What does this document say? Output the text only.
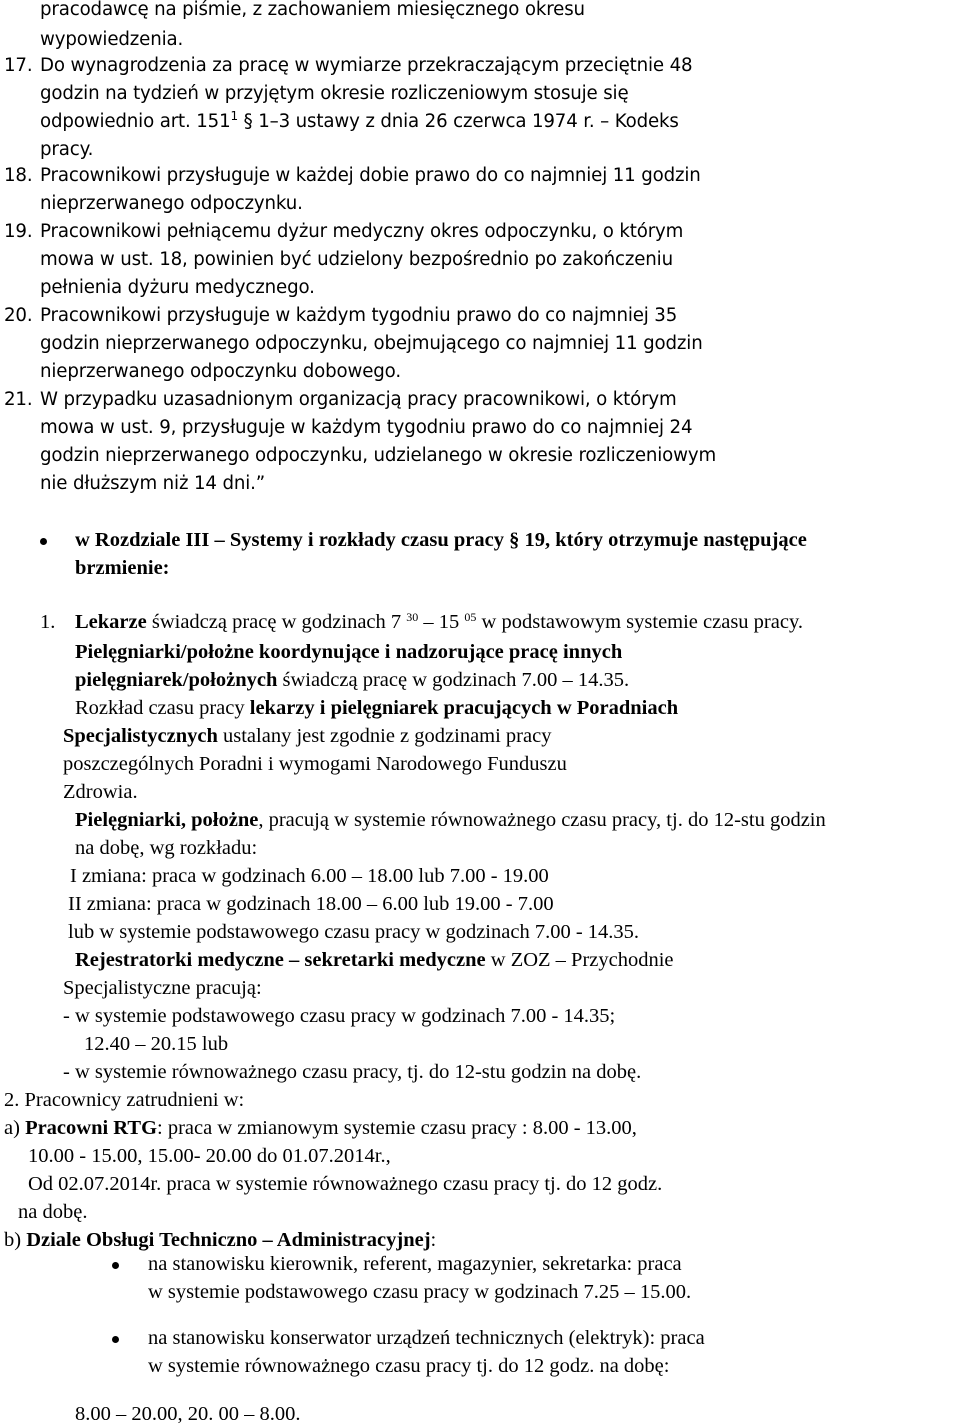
pracodawcę na piśmie, z zachowaniem miesięcznego okresu
wypowiedzenia.
17. Do wynagrodzenia za pracę w wymiarze przekraczającym przeciętnie 48
godzin na tydzień w przyjętym okresie rozliczeniowym stosuje się
odpowiednio art. $151^1$ § 1–3 ustawy z dnia 26 czerwca 1974 r. – Kodeks
pracy.
18. Pracownikowi przysługuje w każdej dobie prawo do co najmniej 11 godzin
nieprzerwanego odpoczynku.
19. Pracownikowi pełniącemu dyżur medyczny okres odpoczynku, o którym
mowa w ust. 18, powinien być udzielony bezpośrednio po zakończeniu
pełnienia dyżuru medycznego.
20. Pracownikowi przysługuje w każdym tygodniu prawo do co najmniej 35
godzin nieprzerwanego odpoczynku, obejmującego co najmniej 11 godzin
nieprzerwanego odpoczynku dobowego.
21. W przypadku uzasadnionym organizacją pracy pracownikowi, o którym
mowa w ust. 9, przysługuje w każdym tygodniu prawo do co najmniej 24
godzin nieprzerwanego odpoczynku, udzielanego w okresie rozliczeniowym
nie dłuższym niż 14 dni.”
w Rozdziale III – Systemy i rozkłady czasu pracy § 19, który otrzymuje następujące
brzmienie:
1. Lekarze świadczą pracę w godzinach 7 $^{30}$ – 15 $^{05}$ w podstawowym systemie czasu pracy.
Pielęgniarki/położne koordynujące i nadzorujące pracę innych
pielęgniarek/położnych świadczą pracę w godzinach 7.00 – 14.35.
Rozkład czasu pracy lekarzy i pielęgniarek pracujących w Poradniach
Specjalistycznych ustalany jest zgodnie z godzinami pracy
poszczególnych Poradni i wymogami Narodowego Funduszu
Zdrowia.
Pielęgniarki, położne, pracują w systemie równoważnego czasu pracy, tj. do 12-stu godzin
na dobę, wg rozkładu:
I zmiana: praca w godzinach 6.00 – 18.00 lub 7.00 - 19.00
II zmiana: praca w godzinach 18.00 – 6.00 lub 19.00 - 7.00
lub w systemie podstawowego czasu pracy w godzinach 7.00 - 14.35.
Rejestratorki medyczne – sekretarki medyczne w ZOZ – Przychodnie
Specjalistyczne pracują:
- w systemie podstawowego czasu pracy w godzinach 7.00 - 14.35;
12.40 – 20.15 lub
- w systemie równoważnego czasu pracy, tj. do 12-stu godzin na dobę.
2. Pracownicy zatrudnieni w:
a) Pracowni RTG: praca w zmianowym systemie czasu pracy : 8.00 - 13.00,
10.00 - 15.00, 15.00- 20.00 do 01.07.2014r.,
Od 02.07.2014r. praca w systemie równoważnego czasu pracy tj. do 12 godz.
na dobę.
b) Dziale Obsługi Techniczno – Administracyjnej:
na stanowisku kierownik, referent, magazynier, sekretarka: praca
w systemie podstawowego czasu pracy w godzinach 7.25 – 15.00.
na stanowisku konserwator urządzeń technicznych (elektryk): praca
w systemie równoważnego czasu pracy tj. do 12 godz. na dobę:
8.00 – 20.00, 20. 00 – 8.00.
